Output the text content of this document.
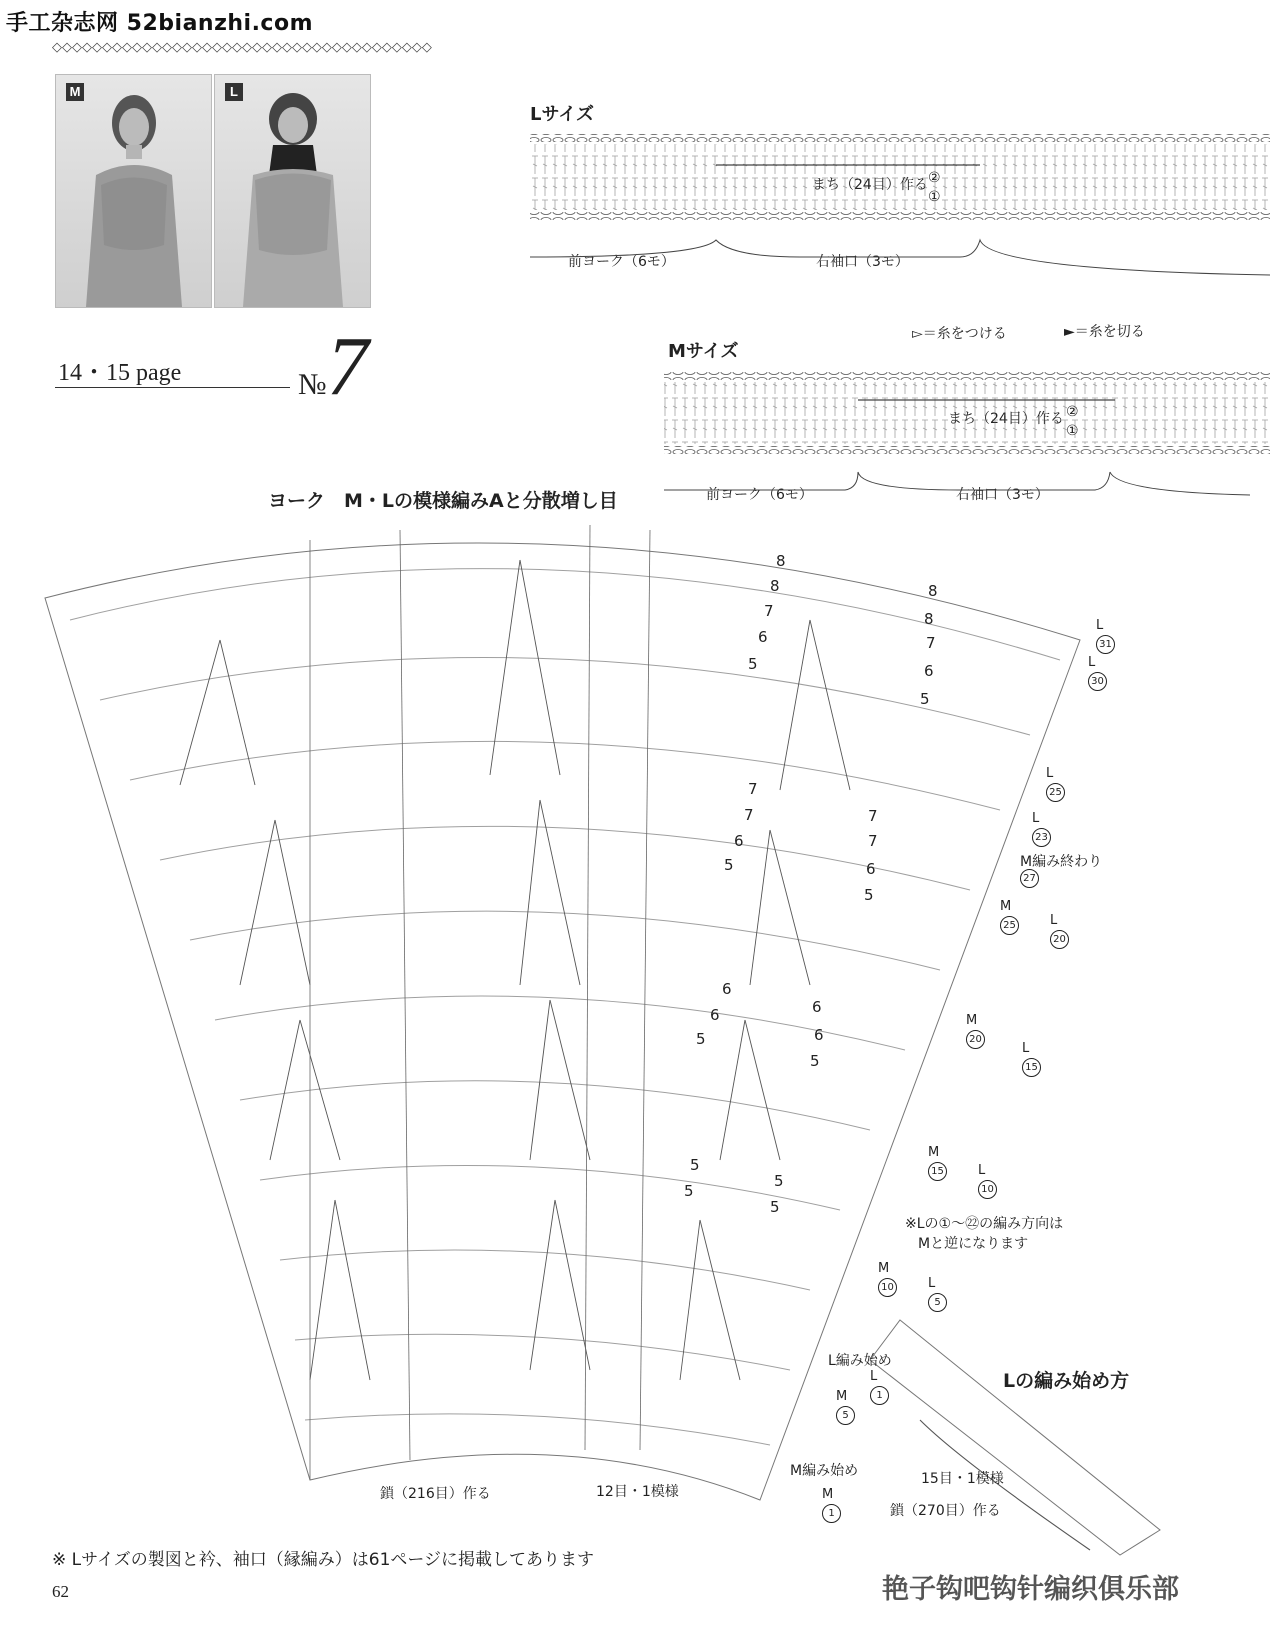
手工杂志网 52bianzhi.com
◇◇◇◇◇◇◇◇◇◇◇◇◇◇◇◇◇◇◇◇◇◇◇◇◇◇◇◇◇◇◇◇◇◇◇◇◇◇
M	L
14・15 page	№7
Lサイズ
前ヨーク（6モ）	右袖口（3モ）
▻＝糸をつける	►＝糸を切る
Mサイズ
前ヨーク（6モ）	右袖口（3モ）
ヨーク　M・Lの模様編みAと分散増し目
鎖（216目）作る	12目・1模様
M編み始め
M編み終わり
L編み始め
※Lの①〜㉒の編み方向は
Mと逆になります
Lの編み始め方
15目・1模様
鎖（270目）作る
L
31
L
30
L
25
L
23

27
M
25	L
20
M
20
L
15
M
15	L
10
M
10	L
5
L
1
M
5
M
1
8
8
7
6
5
8
8
7
6
5
7
7
6
5
7
7
6
5
6
6
5
6
6
5
5
5
5
5
※ Lサイズの製図と衿、袖口（縁編み）は61ページに掲載してあります
62	艳子钩吧钩针编织俱乐部
